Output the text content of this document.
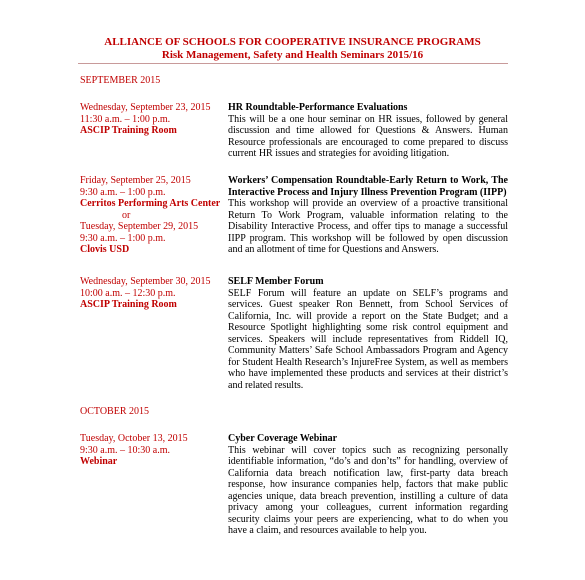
ALLIANCE OF SCHOOLS FOR COOPERATIVE INSURANCE PROGRAMS
Risk Management, Safety and Health Seminars 2015/16
SEPTEMBER 2015
Wednesday, September 23, 2015
11:30 a.m. – 1:00 p.m.
ASCIP Training Room
HR Roundtable-Performance Evaluations
This will be a one hour seminar on HR issues, followed by general discussion and time allowed for Questions & Answers. Human Resource professionals are encouraged to come prepared to discuss current HR issues and strategies for avoiding litigation.
Friday, September 25, 2015
9:30 a.m. – 1:00 p.m.
Cerritos Performing Arts Center
or
Tuesday, September 29, 2015
9:30 a.m. – 1:00 p.m.
Clovis USD
Workers’ Compensation Roundtable-Early Return to Work, The Interactive Process and Injury Illness Prevention Program (IIPP)
This workshop will provide an overview of a proactive transitional Return To Work Program, valuable information relating to the Disability Interactive Process, and offer tips to manage a successful IIPP program. This workshop will be followed by open discussion and an allotment of time for Questions and Answers.
Wednesday, September 30, 2015
10:00 a.m. – 12:30 p.m.
ASCIP Training Room
SELF Member Forum
SELF Forum will feature an update on SELF’s programs and services. Guest speaker Ron Bennett, from School Services of California, Inc. will provide a report on the State Budget; and a Resource Spotlight highlighting some risk control equipment and services. Speakers will include representatives from Riddell IQ, Community Matters’ Safe School Ambassadors Program and Agency for Student Health Research’s InjureFree System, as well as members who have implemented these products and services at their district’s and related results.
OCTOBER 2015
Tuesday, October 13, 2015
9:30 a.m. – 10:30 a.m.
Webinar
Cyber Coverage Webinar
This webinar will cover topics such as recognizing personally identifiable information, “do’s and don’ts” for handling, overview of California data breach notification law, first-party data breach response, how insurance companies help, factors that make public agencies unique, data breach prevention, instilling a culture of data privacy among your colleagues, current information regarding security claims your peers are experiencing, what to do when you have a claim, and resources available to help you.
